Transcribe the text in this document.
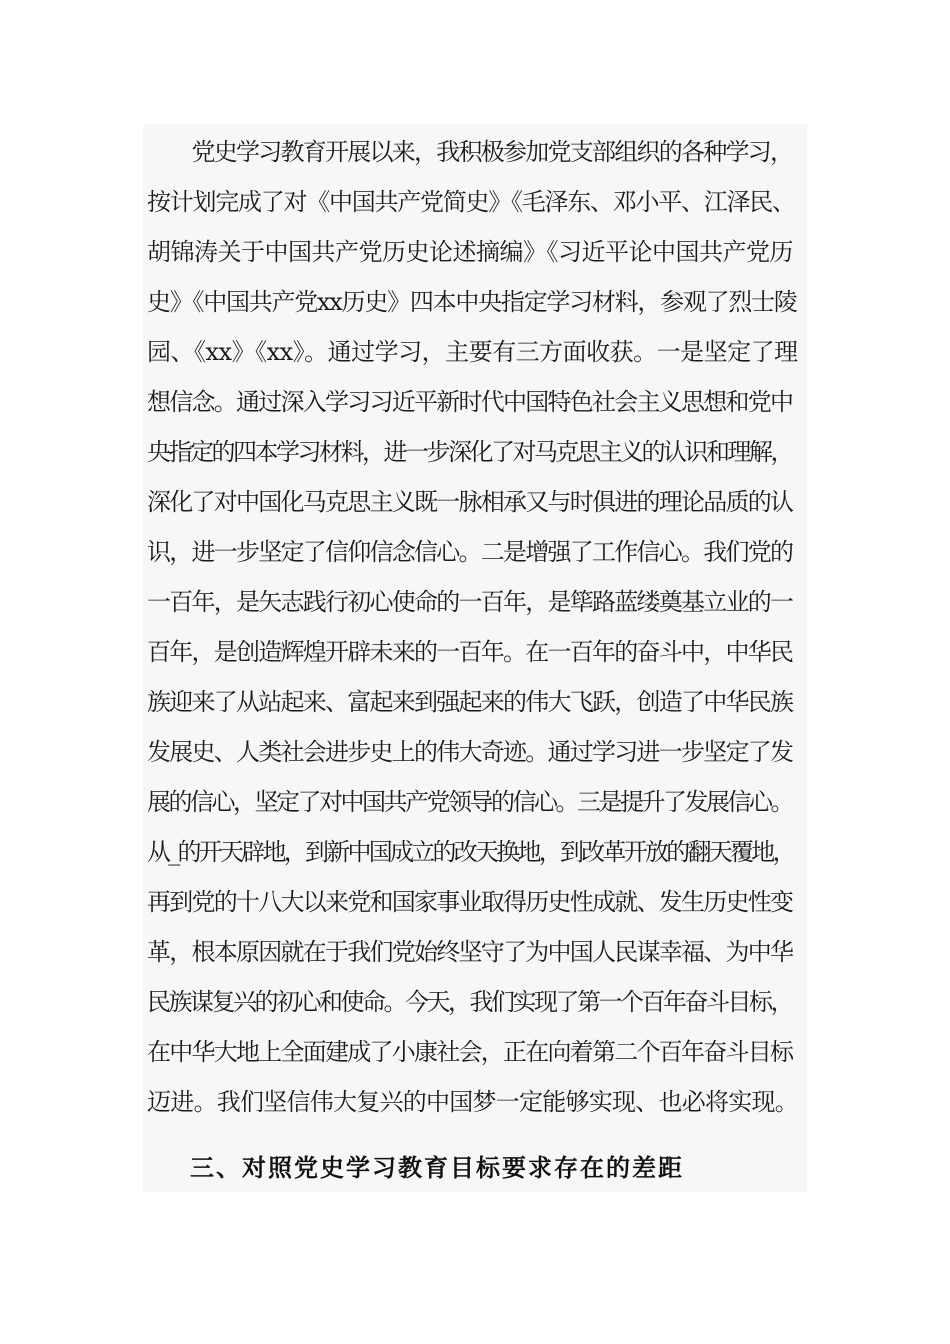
　　党史学习教育开展以来，我积极参加党支部组织的各种学习，
按计划完成了对《中国共产党简史》《毛泽东、邓小平、江泽民、
胡锦涛关于中国共产党历史论述摘编》《习近平论中国共产党历
史》《中国共产党xx历史》四本中央指定学习材料，参观了烈士陵
园、《xx》《xx》。通过学习，主要有三方面收获。一是坚定了理
想信念。通过深入学习习近平新时代中国特色社会主义思想和党中
央指定的四本学习材料，进一步深化了对马克思主义的认识和理解，
深化了对中国化马克思主义既一脉相承又与时俱进的理论品质的认
识，进一步坚定了信仰信念信心。二是增强了工作信心。我们党的
一百年，是矢志践行初心使命的一百年，是筚路蓝缕奠基立业的一
百年，是创造辉煌开辟未来的一百年。在一百年的奋斗中，中华民
族迎来了从站起来、富起来到强起来的伟大飞跃，创造了中华民族
发展史、人类社会进步史上的伟大奇迹。通过学习进一步坚定了发
展的信心，坚定了对中国共产党领导的信心。三是提升了发展信心。
从_的开天辟地，到新中国成立的改天换地，到改革开放的翻天覆地，
再到党的十八大以来党和国家事业取得历史性成就、发生历史性变
革，根本原因就在于我们党始终坚守了为中国人民谋幸福、为中华
民族谋复兴的初心和使命。今天，我们实现了第一个百年奋斗目标，
在中华大地上全面建成了小康社会，正在向着第二个百年奋斗目标
迈进。我们坚信伟大复兴的中国梦一定能够实现、也必将实现。
三、对照党史学习教育目标要求存在的差距
